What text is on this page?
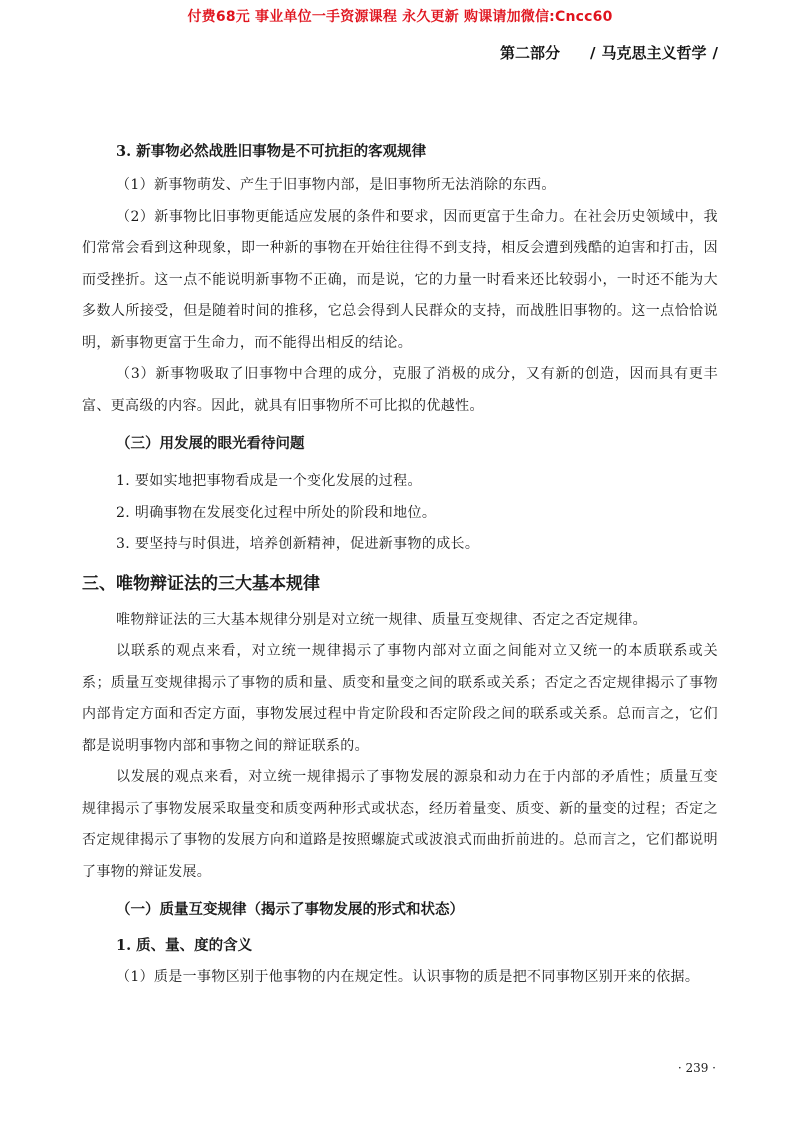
付费68元 事业单位一手资源课程 永久更新 购课请加微信:Cncc60
第二部分 / 马克思主义哲学 /
3. 新事物必然战胜旧事物是不可抗拒的客观规律

（1）新事物萌发、产生于旧事物内部，是旧事物所无法消除的东西。

（2）新事物比旧事物更能适应发展的条件和要求，因而更富于生命力。在社会历史领域中，我们常常会看到这种现象，即一种新的事物在开始往往得不到支持，相反会遭到残酷的迫害和打击，因而受挫折。这一点不能说明新事物不正确，而是说，它的力量一时看来还比较弱小，一时还不能为大多数人所接受，但是随着时间的推移，它总会得到人民群众的支持，而战胜旧事物的。这一点恰恰说明，新事物更富于生命力，而不能得出相反的结论。

（3）新事物吸取了旧事物中合理的成分，克服了消极的成分，又有新的创造，因而具有更丰富、更高级的内容。因此，就具有旧事物所不可比拟的优越性。

（三）用发展的眼光看待问题

1. 要如实地把事物看成是一个变化发展的过程。

2. 明确事物在发展变化过程中所处的阶段和地位。

3. 要坚持与时俱进，培养创新精神，促进新事物的成长。

三、唯物辩证法的三大基本规律

唯物辩证法的三大基本规律分别是对立统一规律、质量互变规律、否定之否定规律。

以联系的观点来看，对立统一规律揭示了事物内部对立面之间能对立又统一的本质联系或关系；质量互变规律揭示了事物的质和量、质变和量变之间的联系或关系；否定之否定规律揭示了事物内部肯定方面和否定方面，事物发展过程中肯定阶段和否定阶段之间的联系或关系。总而言之，它们都是说明事物内部和事物之间的辩证联系的。

以发展的观点来看，对立统一规律揭示了事物发展的源泉和动力在于内部的矛盾性；质量互变规律揭示了事物发展采取量变和质变两种形式或状态，经历着量变、质变、新的量变的过程；否定之否定规律揭示了事物的发展方向和道路是按照螺旋式或波浪式而曲折前进的。总而言之，它们都说明了事物的辩证发展。

（一）质量互变规律（揭示了事物发展的形式和状态）
1. 质、量、度的含义

（1）质是一事物区别于他事物的内在规定性。认识事物的质是把不同事物区别开来的依据。

· 239 ·
